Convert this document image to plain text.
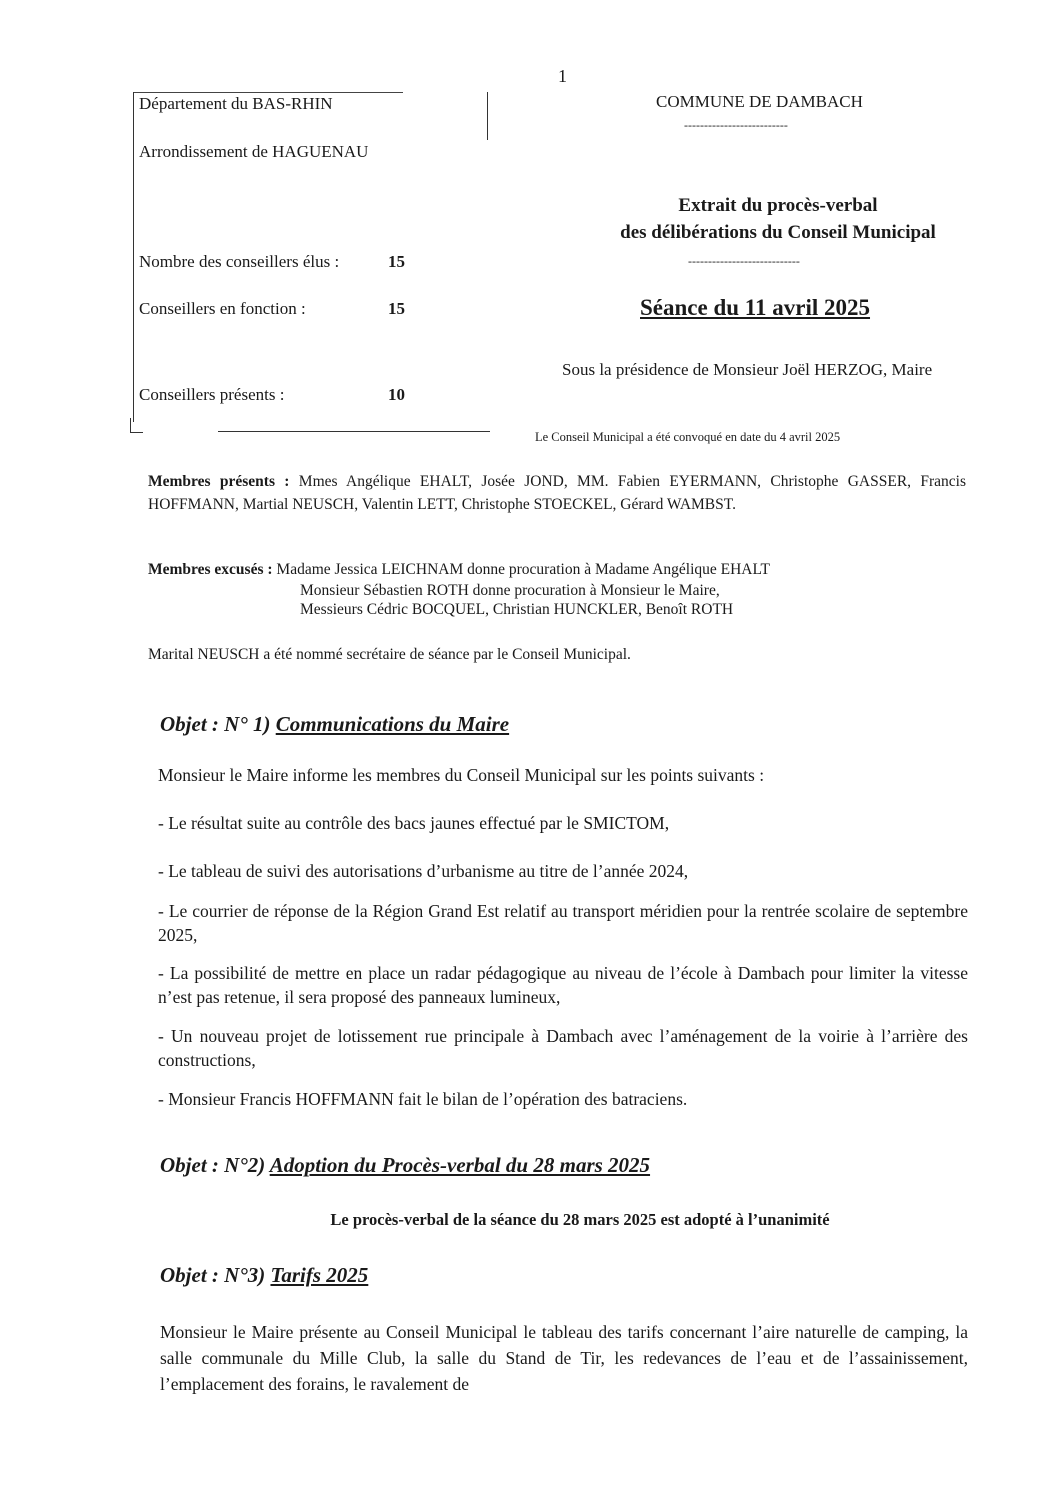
1
Département du BAS-RHIN
Arrondissement de HAGUENAU
Nombre des conseillers élus :	15
Conseillers en fonction :	15
Conseillers présents :	10
COMMUNE DE DAMBACH
--------------------------
Extrait du procès-verbal
des délibérations du Conseil Municipal
----------------------------
Séance du 11 avril 2025
Sous la présidence de Monsieur Joël HERZOG, Maire
Le Conseil Municipal a été convoqué en date du 4 avril 2025
Membres présents : Mmes Angélique EHALT, Josée JOND, MM. Fabien EYERMANN, Christophe GASSER, Francis HOFFMANN, Martial NEUSCH, Valentin LETT, Christophe STOECKEL, Gérard WAMBST.
Membres excusés : Madame Jessica LEICHNAM donne procuration à Madame Angélique EHALT
Monsieur Sébastien ROTH donne procuration à Monsieur le Maire,
Messieurs Cédric BOCQUEL, Christian HUNCKLER, Benoît ROTH
Marital NEUSCH a été nommé secrétaire de séance par le Conseil Municipal.
Objet : N° 1) Communications du Maire
Monsieur le Maire informe les membres du Conseil Municipal sur les points suivants :
- Le résultat suite au contrôle des bacs jaunes effectué par le SMICTOM,
- Le tableau de suivi des autorisations d’urbanisme au titre de l’année 2024,
- Le courrier de réponse de la Région Grand Est relatif au transport méridien pour la rentrée scolaire de septembre 2025,
- La possibilité de mettre en place un radar pédagogique au niveau de l’école à Dambach pour limiter la vitesse n’est pas retenue, il sera proposé des panneaux lumineux,
- Un nouveau projet de lotissement rue principale à Dambach avec l’aménagement de la voirie à l’arrière des constructions,
- Monsieur Francis HOFFMANN fait le bilan de l’opération des batraciens.
Objet : N°2) Adoption du Procès-verbal du 28 mars 2025
Le procès-verbal de la séance du 28 mars 2025 est adopté à l’unanimité
Objet : N°3) Tarifs 2025
Monsieur le Maire présente au Conseil Municipal le tableau des tarifs concernant l’aire naturelle de camping, la salle communale du Mille Club, la salle du Stand de Tir, les redevances de l’eau et de l’assainissement, l’emplacement des forains, le ravalement de
